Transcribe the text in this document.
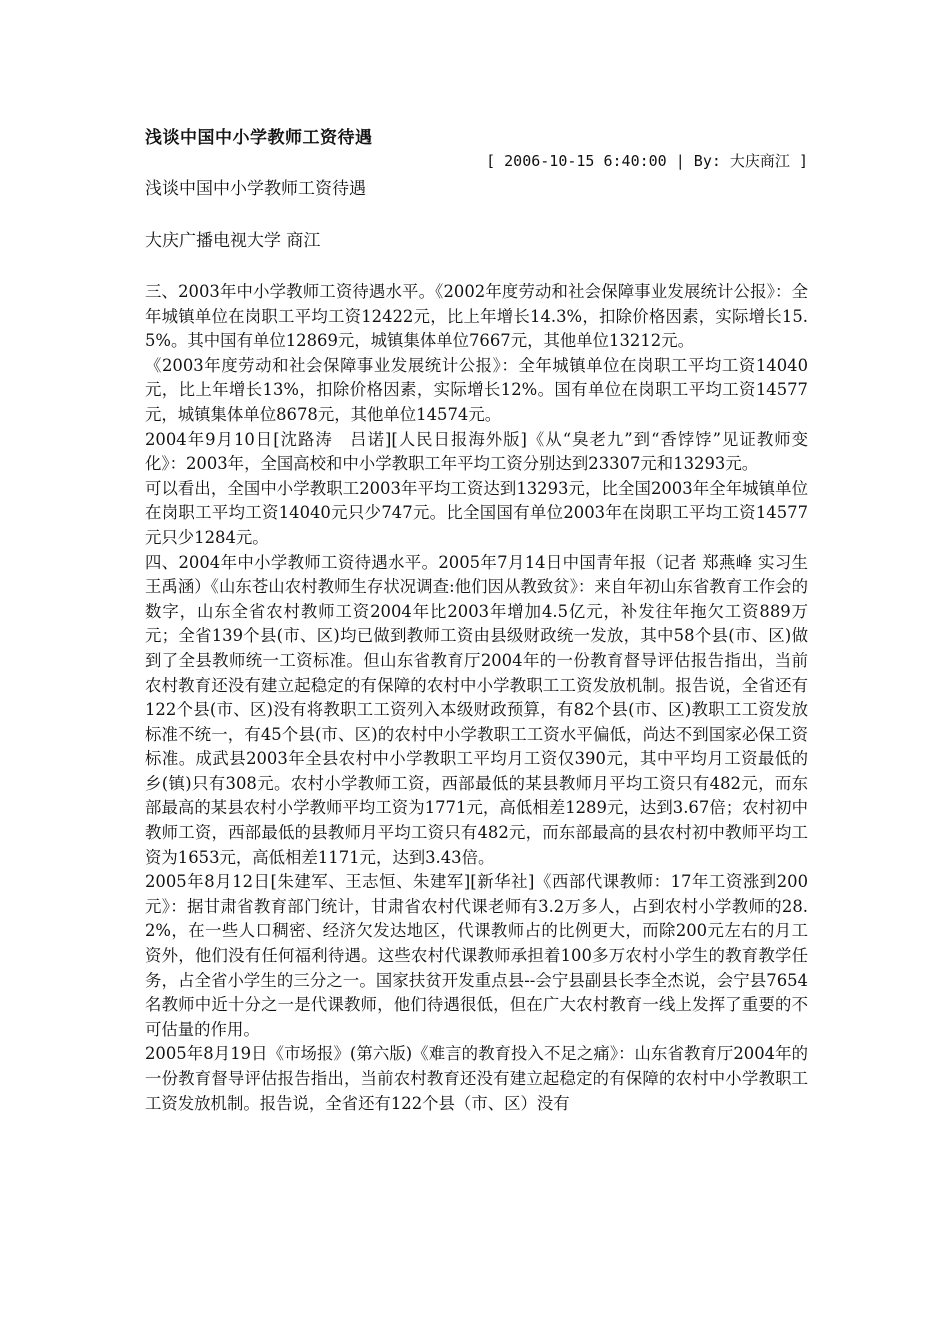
浅谈中国中小学教师工资待遇

[ 2006-10-15 6:40:00 | By: 大庆商江 ]

浅谈中国中小学教师工资待遇

大庆广播电视大学 商江

三、2003年中小学教师工资待遇水平。《2002年度劳动和社会保障事业发展统计公报》：全年城镇单位在岗职工平均工资12422元，比上年增长14.3%，扣除价格因素，实际增长15.5%。其中国有单位12869元，城镇集体单位7667元，其他单位13212元。

《2003年度劳动和社会保障事业发展统计公报》：全年城镇单位在岗职工平均工资14040元，比上年增长13%，扣除价格因素，实际增长12%。国有单位在岗职工平均工资14577元，城镇集体单位8678元，其他单位14574元。

2004年9月10日[沈路涛　吕诺][人民日报海外版]《从“臭老九”到“香饽饽”见证教师变化》：2003年，全国高校和中小学教职工年平均工资分别达到23307元和13293元。

可以看出，全国中小学教职工2003年平均工资达到13293元，比全国2003年全年城镇单位在岗职工平均工资14040元只少747元。比全国国有单位2003年在岗职工平均工资14577元只少1284元。

四、2004年中小学教师工资待遇水平。2005年7月14日中国青年报（记者 郑燕峰 实习生 王禹涵）《山东苍山农村教师生存状况调查:他们因从教致贫》：来自年初山东省教育工作会的数字，山东全省农村教师工资2004年比2003年增加4.5亿元，补发往年拖欠工资889万元；全省139个县(市、区)均已做到教师工资由县级财政统一发放，其中58个县(市、区)做到了全县教师统一工资标准。但山东省教育厅2004年的一份教育督导评估报告指出，当前农村教育还没有建立起稳定的有保障的农村中小学教职工工资发放机制。报告说，全省还有122个县(市、区)没有将教职工工资列入本级财政预算，有82个县(市、区)教职工工资发放标准不统一，有45个县(市、区)的农村中小学教职工工资水平偏低，尚达不到国家必保工资标准。成武县2003年全县农村中小学教职工平均月工资仅390元，其中平均月工资最低的乡(镇)只有308元。农村小学教师工资，西部最低的某县教师月平均工资只有482元，而东部最高的某县农村小学教师平均工资为1771元，高低相差1289元，达到3.67倍；农村初中教师工资，西部最低的县教师月平均工资只有482元，而东部最高的县农村初中教师平均工资为1653元，高低相差1171元，达到3.43倍。

2005年8月12日[朱建军、王志恒、朱建军][新华社]《西部代课教师：17年工资涨到200元》：据甘肃省教育部门统计，甘肃省农村代课老师有3.2万多人，占到农村小学教师的28.2%，在一些人口稠密、经济欠发达地区，代课教师占的比例更大，而除200元左右的月工资外，他们没有任何福利待遇。这些农村代课教师承担着100多万农村小学生的教育教学任务，占全省小学生的三分之一。国家扶贫开发重点县--会宁县副县长李全杰说，会宁县7654名教师中近十分之一是代课教师，他们待遇很低，但在广大农村教育一线上发挥了重要的不可估量的作用。

2005年8月19日《市场报》(第六版)《难言的教育投入不足之痛》：山东省教育厅2004年的一份教育督导评估报告指出，当前农村教育还没有建立起稳定的有保障的农村中小学教职工工资发放机制。报告说，全省还有122个县（市、区）没有
